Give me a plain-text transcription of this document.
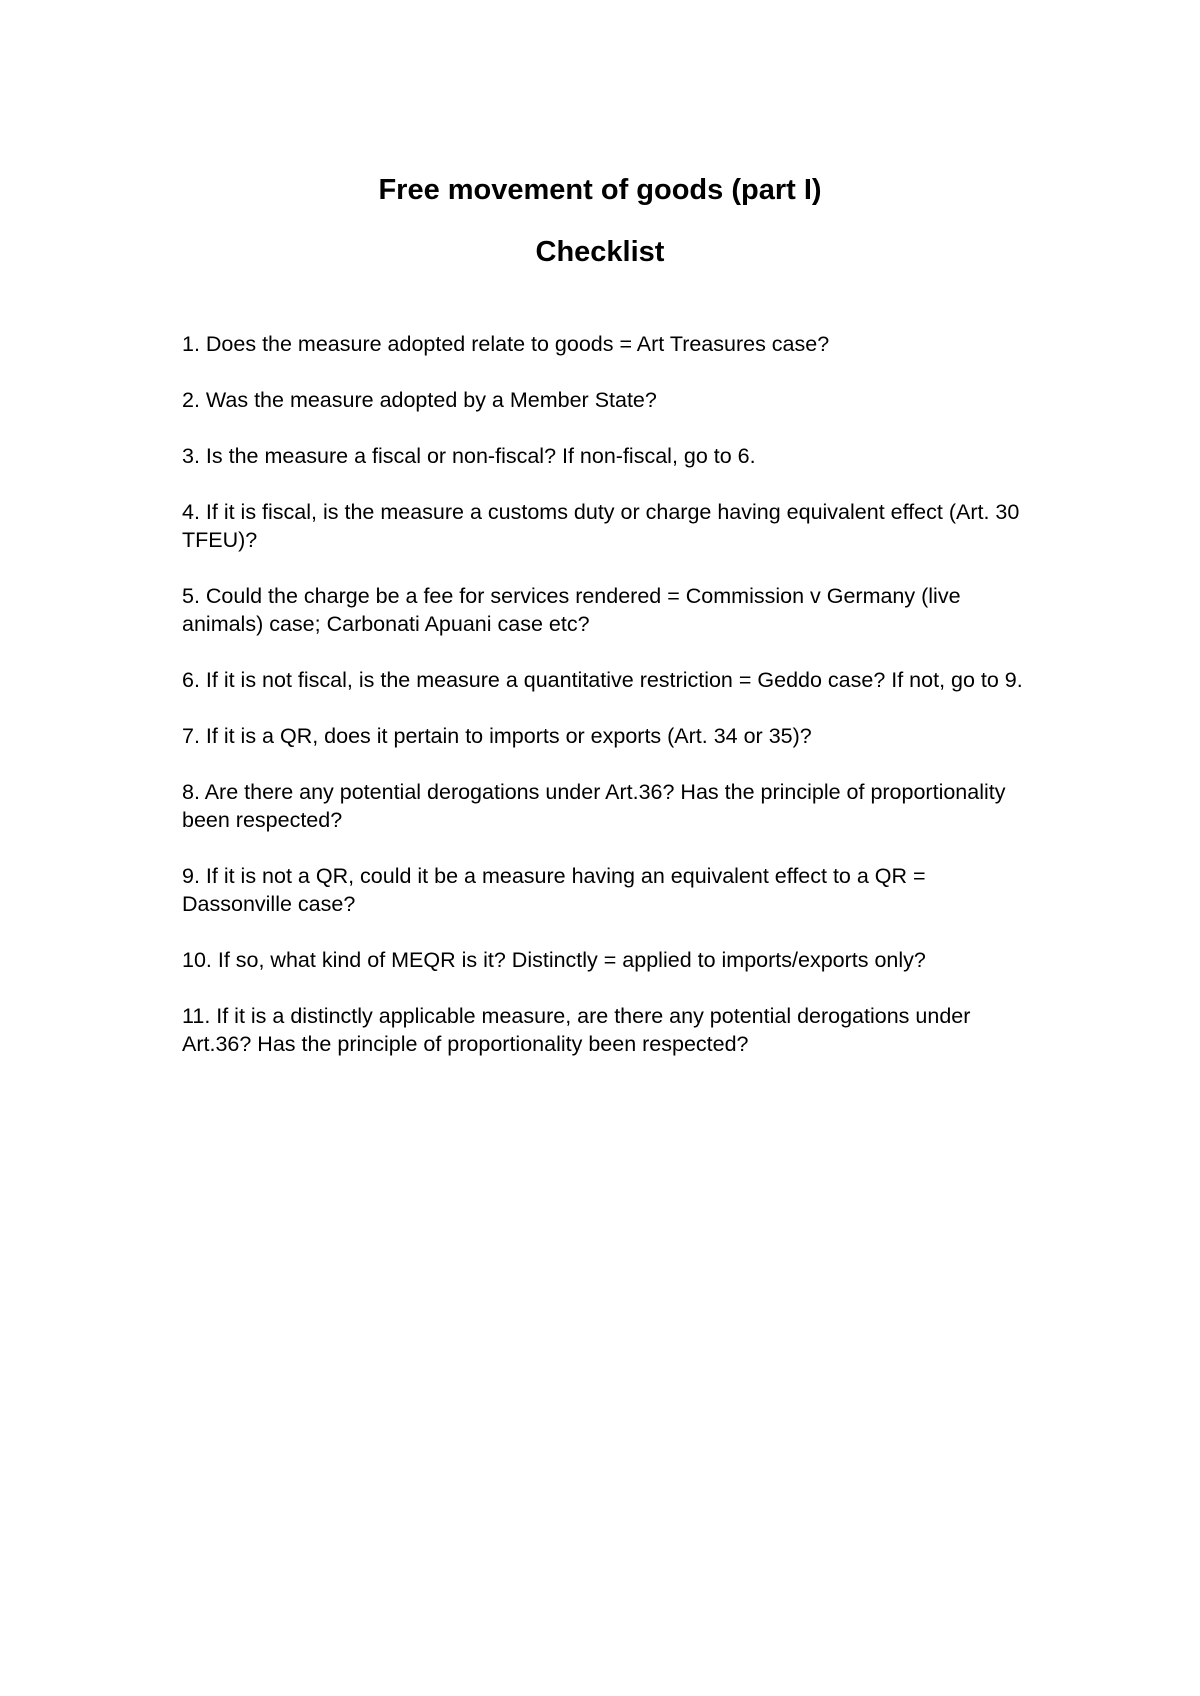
Free movement of goods (part I)
Checklist
1. Does the measure adopted relate to goods = Art Treasures case?
2. Was the measure adopted by a Member State?
3. Is the measure a fiscal or non-fiscal? If non-fiscal, go to 6.
4. If it is fiscal, is the measure a customs duty or charge having equivalent effect (Art. 30 TFEU)?
5. Could the charge be a fee for services rendered = Commission v Germany (live animals) case; Carbonati Apuani case etc?
6. If it is not fiscal, is the measure a quantitative restriction = Geddo case? If not, go to 9.
7. If it is a QR, does it pertain to imports or exports (Art. 34 or 35)?
8. Are there any potential derogations under Art.36? Has the principle of proportionality been respected?
9. If it is not a QR, could it be a measure having an equivalent effect to a QR = Dassonville case?
10. If so, what kind of MEQR is it? Distinctly = applied to imports/exports only?
11. If it is a distinctly applicable measure, are there any potential derogations under Art.36? Has the principle of proportionality been respected?
